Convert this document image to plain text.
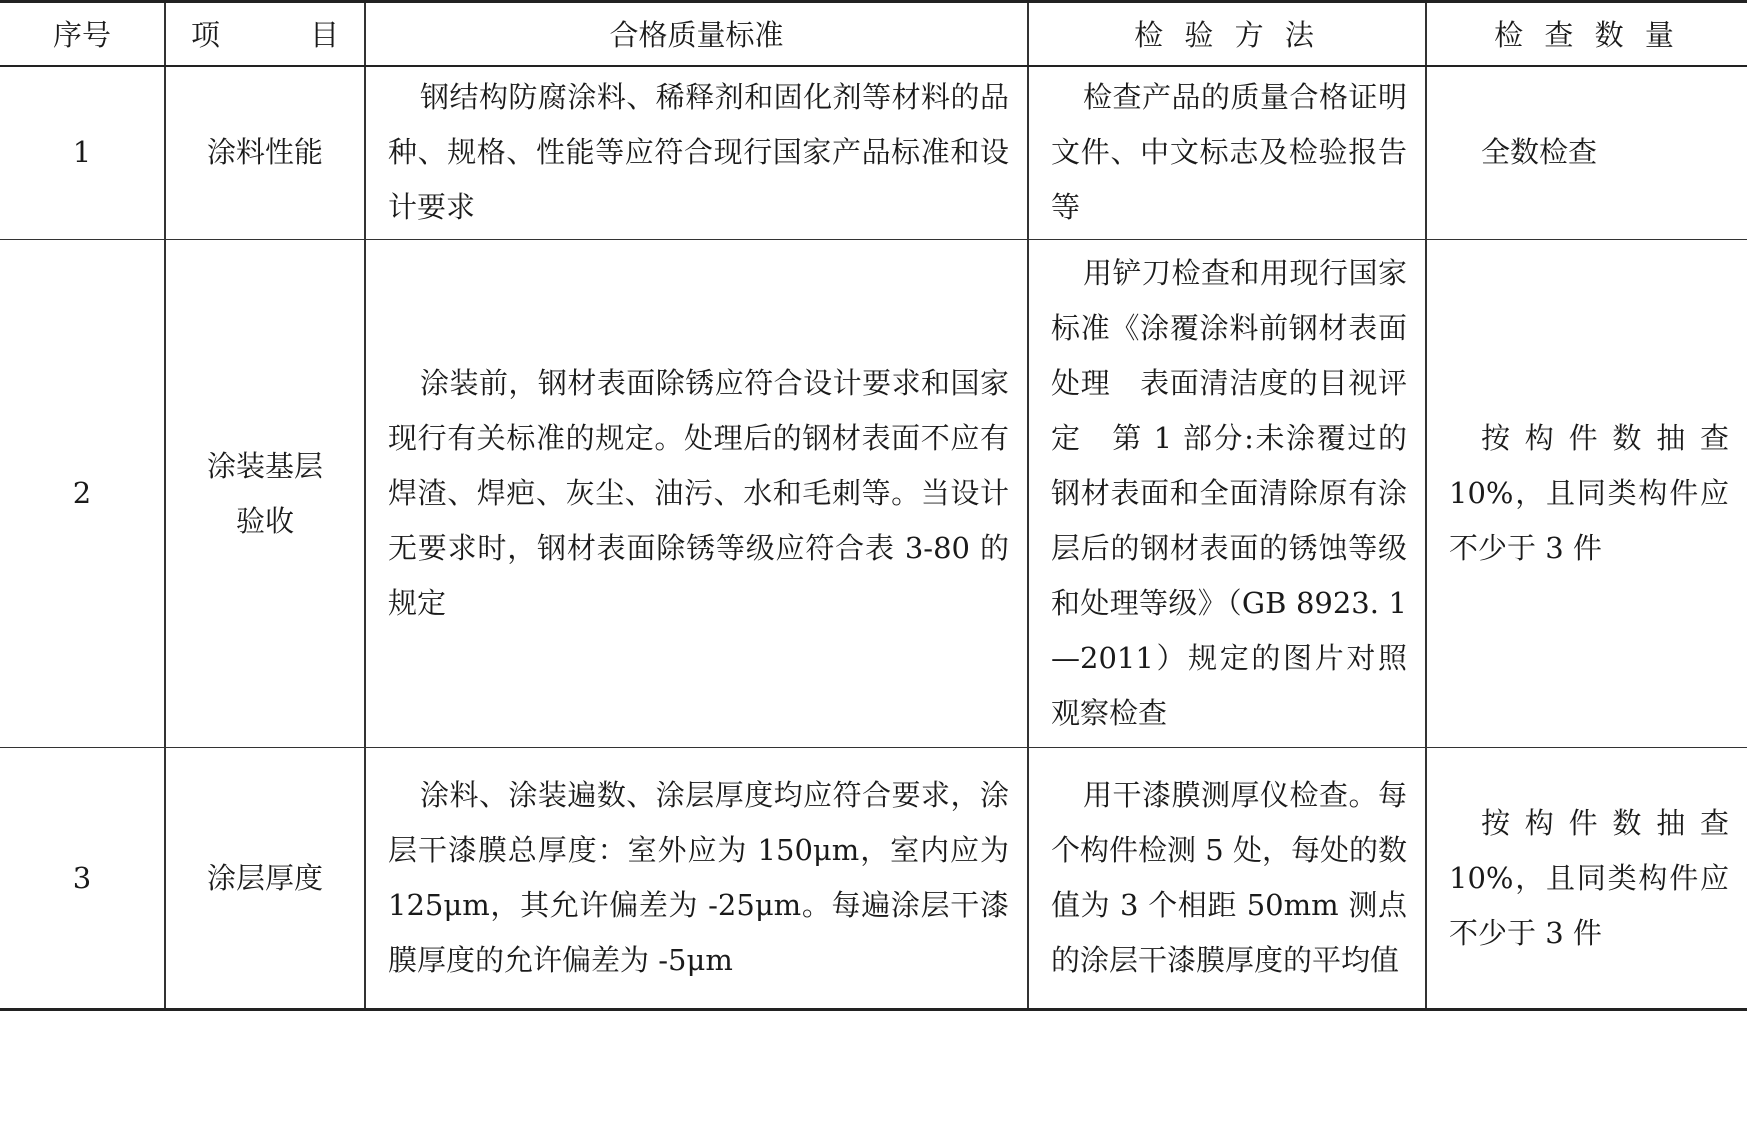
序号	项 目	合格质量标准	检 验 方 法	检 查 数 量
1	涂料性能	钢结构防腐涂料、稀释剂和固化剂等材料的品种、规格、性能等应符合现行国家产品标准和设计要求	检查产品的质量合格证明文件、中文标志及检验报告等	全数检查
2	涂装基层验收	涂装前，钢材表面除锈应符合设计要求和国家现行有关标准的规定。处理后的钢材表面不应有焊渣、焊疤、灰尘、油污、水和毛刺等。当设计无要求时，钢材表面除锈等级应符合表 3-80 的规定	用铲刀检查和用现行国家标准《涂覆涂料前钢材表面处理　表面清洁度的目视评定　第 1 部分:未涂覆过的钢材表面和全面清除原有涂层后的钢材表面的锈蚀等级和处理等级》（GB 8923. 1—2011）规定的图片对照观察检查	按构件数抽查10%，且同类构件应不少于 3 件
3	涂层厚度	涂料、涂装遍数、涂层厚度均应符合要求，涂层干漆膜总厚度：室外应为 150μm，室内应为 125μm，其允许偏差为 -25μm。每遍涂层干漆膜厚度的允许偏差为 -5μm	用干漆膜测厚仪检查。每个构件检测 5 处，每处的数值为 3 个相距 50mm 测点的涂层干漆膜厚度的平均值	按构件数抽查10%，且同类构件应不少于 3 件
